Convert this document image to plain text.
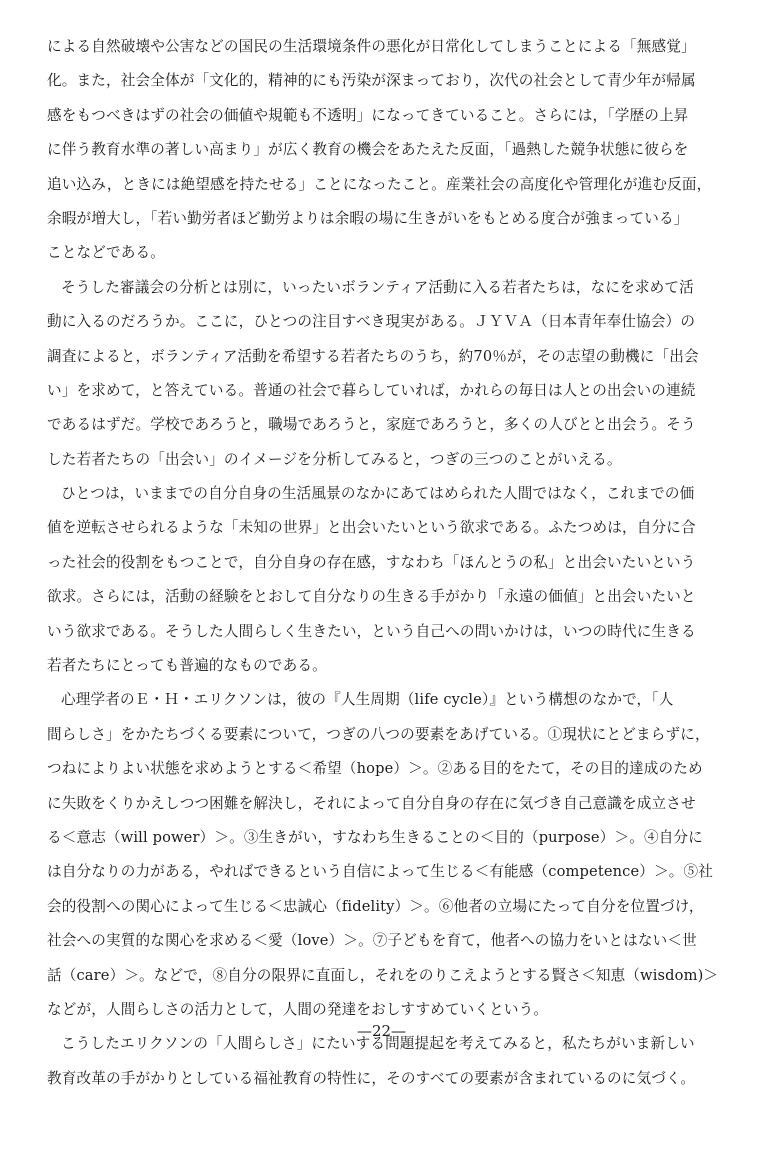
による自然破壊や公害などの国民の生活環境条件の悪化が日常化してしまうことによる「無感覚」
化。また，社会全体が「文化的，精神的にも汚染が深まっており，次代の社会として青少年が帰属
感をもつべきはずの社会の価値や規範も不透明」になってきていること。さらには，「学歴の上昇
に伴う教育水準の著しい高まり」が広く教育の機会をあたえた反面，「過熱した競争状態に彼らを
追い込み，ときには絶望感を持たせる」ことになったこと。産業社会の高度化や管理化が進む反面，
余暇が増大し，「若い勤労者ほど勤労よりは余暇の場に生きがいをもとめる度合が強まっている」
ことなどである。
そうした審議会の分析とは別に，いったいボランティア活動に入る若者たちは，なにを求めて活
動に入るのだろうか。ここに，ひとつの注目すべき現実がある。ＪＹＶＡ（日本青年奉仕協会）の
調査によると，ボランティア活動を希望する若者たちのうち，約70％が，その志望の動機に「出会
い」を求めて，と答えている。普通の社会で暮らしていれば，かれらの毎日は人との出会いの連続
であるはずだ。学校であろうと，職場であろうと，家庭であろうと，多くの人びとと出会う。そう
した若者たちの「出会い」のイメージを分析してみると，つぎの三つのことがいえる。
ひとつは，いままでの自分自身の生活風景のなかにあてはめられた人間ではなく，これまでの価
値を逆転させられるような「未知の世界」と出会いたいという欲求である。ふたつめは，自分に合
った社会的役割をもつことで，自分自身の存在感，すなわち「ほんとうの私」と出会いたいという
欲求。さらには，活動の経験をとおして自分なりの生きる手がかり「永遠の価値」と出会いたいと
いう欲求である。そうした人間らしく生きたい，という自己への問いかけは，いつの時代に生きる
若者たちにとっても普遍的なものである。
心理学者のＥ・Ｈ・エリクソンは，彼の『人生周期（life cycle）』という構想のなかで，「人
間らしさ」をかたちづくる要素について，つぎの八つの要素をあげている。①現状にとどまらずに，
つねによりよい状態を求めようとする＜希望（hope）＞。②ある目的をたて，その目的達成のため
に失敗をくりかえしつつ困難を解決し，それによって自分自身の存在に気づき自己意識を成立させ
る＜意志（will power）＞。③生きがい，すなわち生きることの＜目的（purpose）＞。④自分に
は自分なりの力がある，やればできるという自信によって生じる＜有能感（competence）＞。⑤社
会的役割への関心によって生じる＜忠誠心（fidelity）＞。⑥他者の立場にたって自分を位置づけ，
社会への実質的な関心を求める＜愛（love）＞。⑦子どもを育て，他者への協力をいとはない＜世
話（care）＞。などで，⑧自分の限界に直面し，それをのりこえようとする賢さ＜知恵（wisdom)＞
などが，人間らしさの活力として，人間の発達をおしすすめていくという。
こうしたエリクソンの「人間らしさ」にたいする問題提起を考えてみると，私たちがいま新しい
教育改革の手がかりとしている福祉教育の特性に，そのすべての要素が含まれているのに気づく。
—22—
